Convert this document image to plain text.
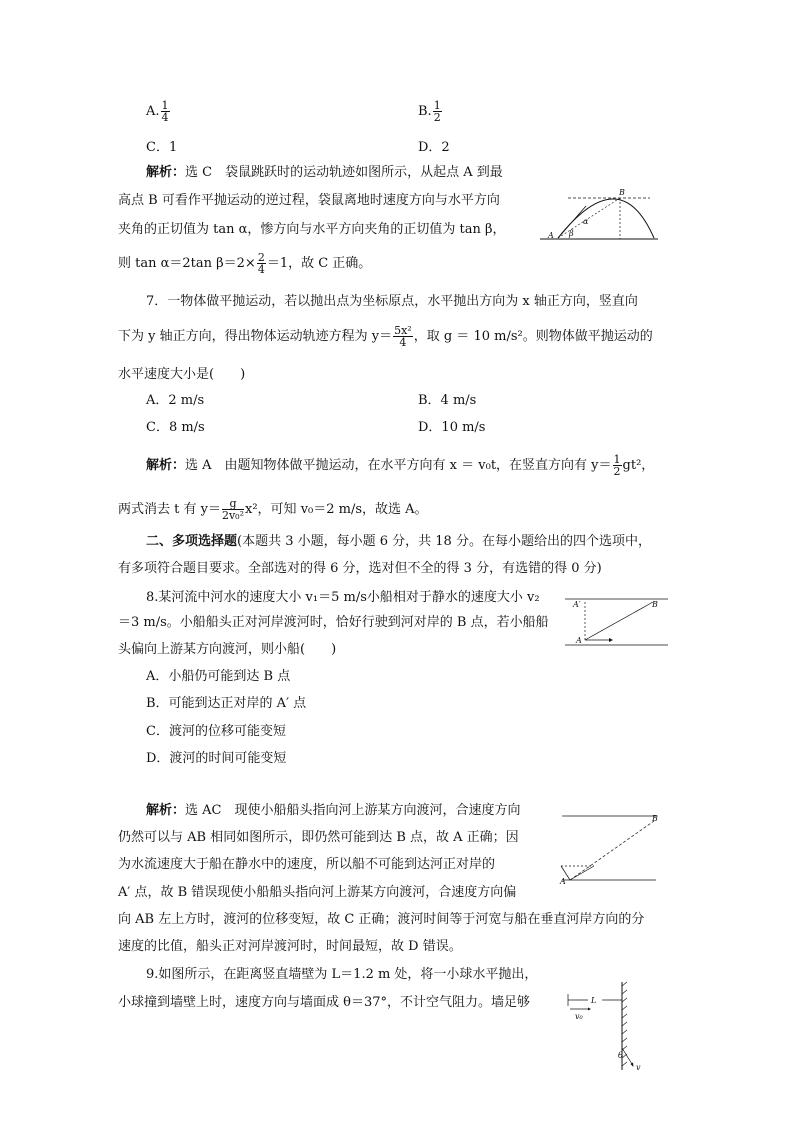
A. $\frac{1}{4}$	B. $\frac{1}{2}$
C．1	D．2
解析：选 C　袋鼠跳跃时的运动轨迹如图所示，从起点 A 到最
高点 B 可看作平抛运动的逆过程，袋鼠离地时速度方向与水平方向
夹角的正切值为 tan α，惨方向与水平方向夹角的正切值为 tan β，
则 tan α＝2tan $\beta=2\times \frac{2}{4} =1$，故 C 正确。
A
B
α
β
7．一物体做平抛运动，若以抛出点为坐标原点，水平抛出方向为 x 轴正方向，竖直向
下为 y 轴正方向，得出物体运动轨迹方程为 $y= \frac{\text{5x²}}{4}$ ，取 g ＝ 10 m/s²。则物体做平抛运动的
水平速度大小是(　　)
A．2 m/s	B．4 m/s
C．8 m/s	D．10 m/s
解析：选 A　由题知物体做平抛运动，在水平方向有 x ＝ v₀t，在竖直方向有 $y= \frac{1}{2} gt^2$，
两式消去 t 有 $y= \frac{g}{\text{2v₀²}} x^2$，可知 v₀＝2 m/s，故选 A。
二、多项选择题(本题共 3 小题，每小题 6 分，共 18 分。在每小题给出的四个选项中，
有多项符合题目要求。全部选对的得 6 分，选对但不全的得 3 分，有选错的得 0 分)
8.某河流中河水的速度大小 v₁＝5 m/s小船相对于静水的速度大小 v₂
＝3 m/s。小船船头正对河岸渡河时，恰好行驶到河对岸的 B 点，若小船船
头偏向上游某方向渡河，则小船(　　)
A
A′	B
A．小船仍可能到达 B 点
B．可能到达正对岸的 A′ 点
C．渡河的位移可能变短
D．渡河的时间可能变短
解析：选 AC　现使小船船头指向河上游某方向渡河，合速度方向
仍然可以与 AB 相同如图所示，即仍然可能到达 B 点，故 A 正确；因
为水流速度大于船在静水中的速度，所以船不可能到达河正对岸的
A′ 点，故 B 错误现使小船船头指向河上游某方向渡河，合速度方向偏
向 AB 左上方时，渡河的位移变短，故 C 正确；渡河时间等于河宽与船在垂直河岸方向的分
速度的比值，船头正对河岸渡河时，时间最短，故 D 错误。
A
B
9.如图所示，在距离竖直墙壁为 L＝1.2 m 处，将一小球水平抛出，
小球撞到墙壁上时，速度方向与墙面成 θ＝37°，不计空气阻力。墙足够	L
v₀
θ
v
